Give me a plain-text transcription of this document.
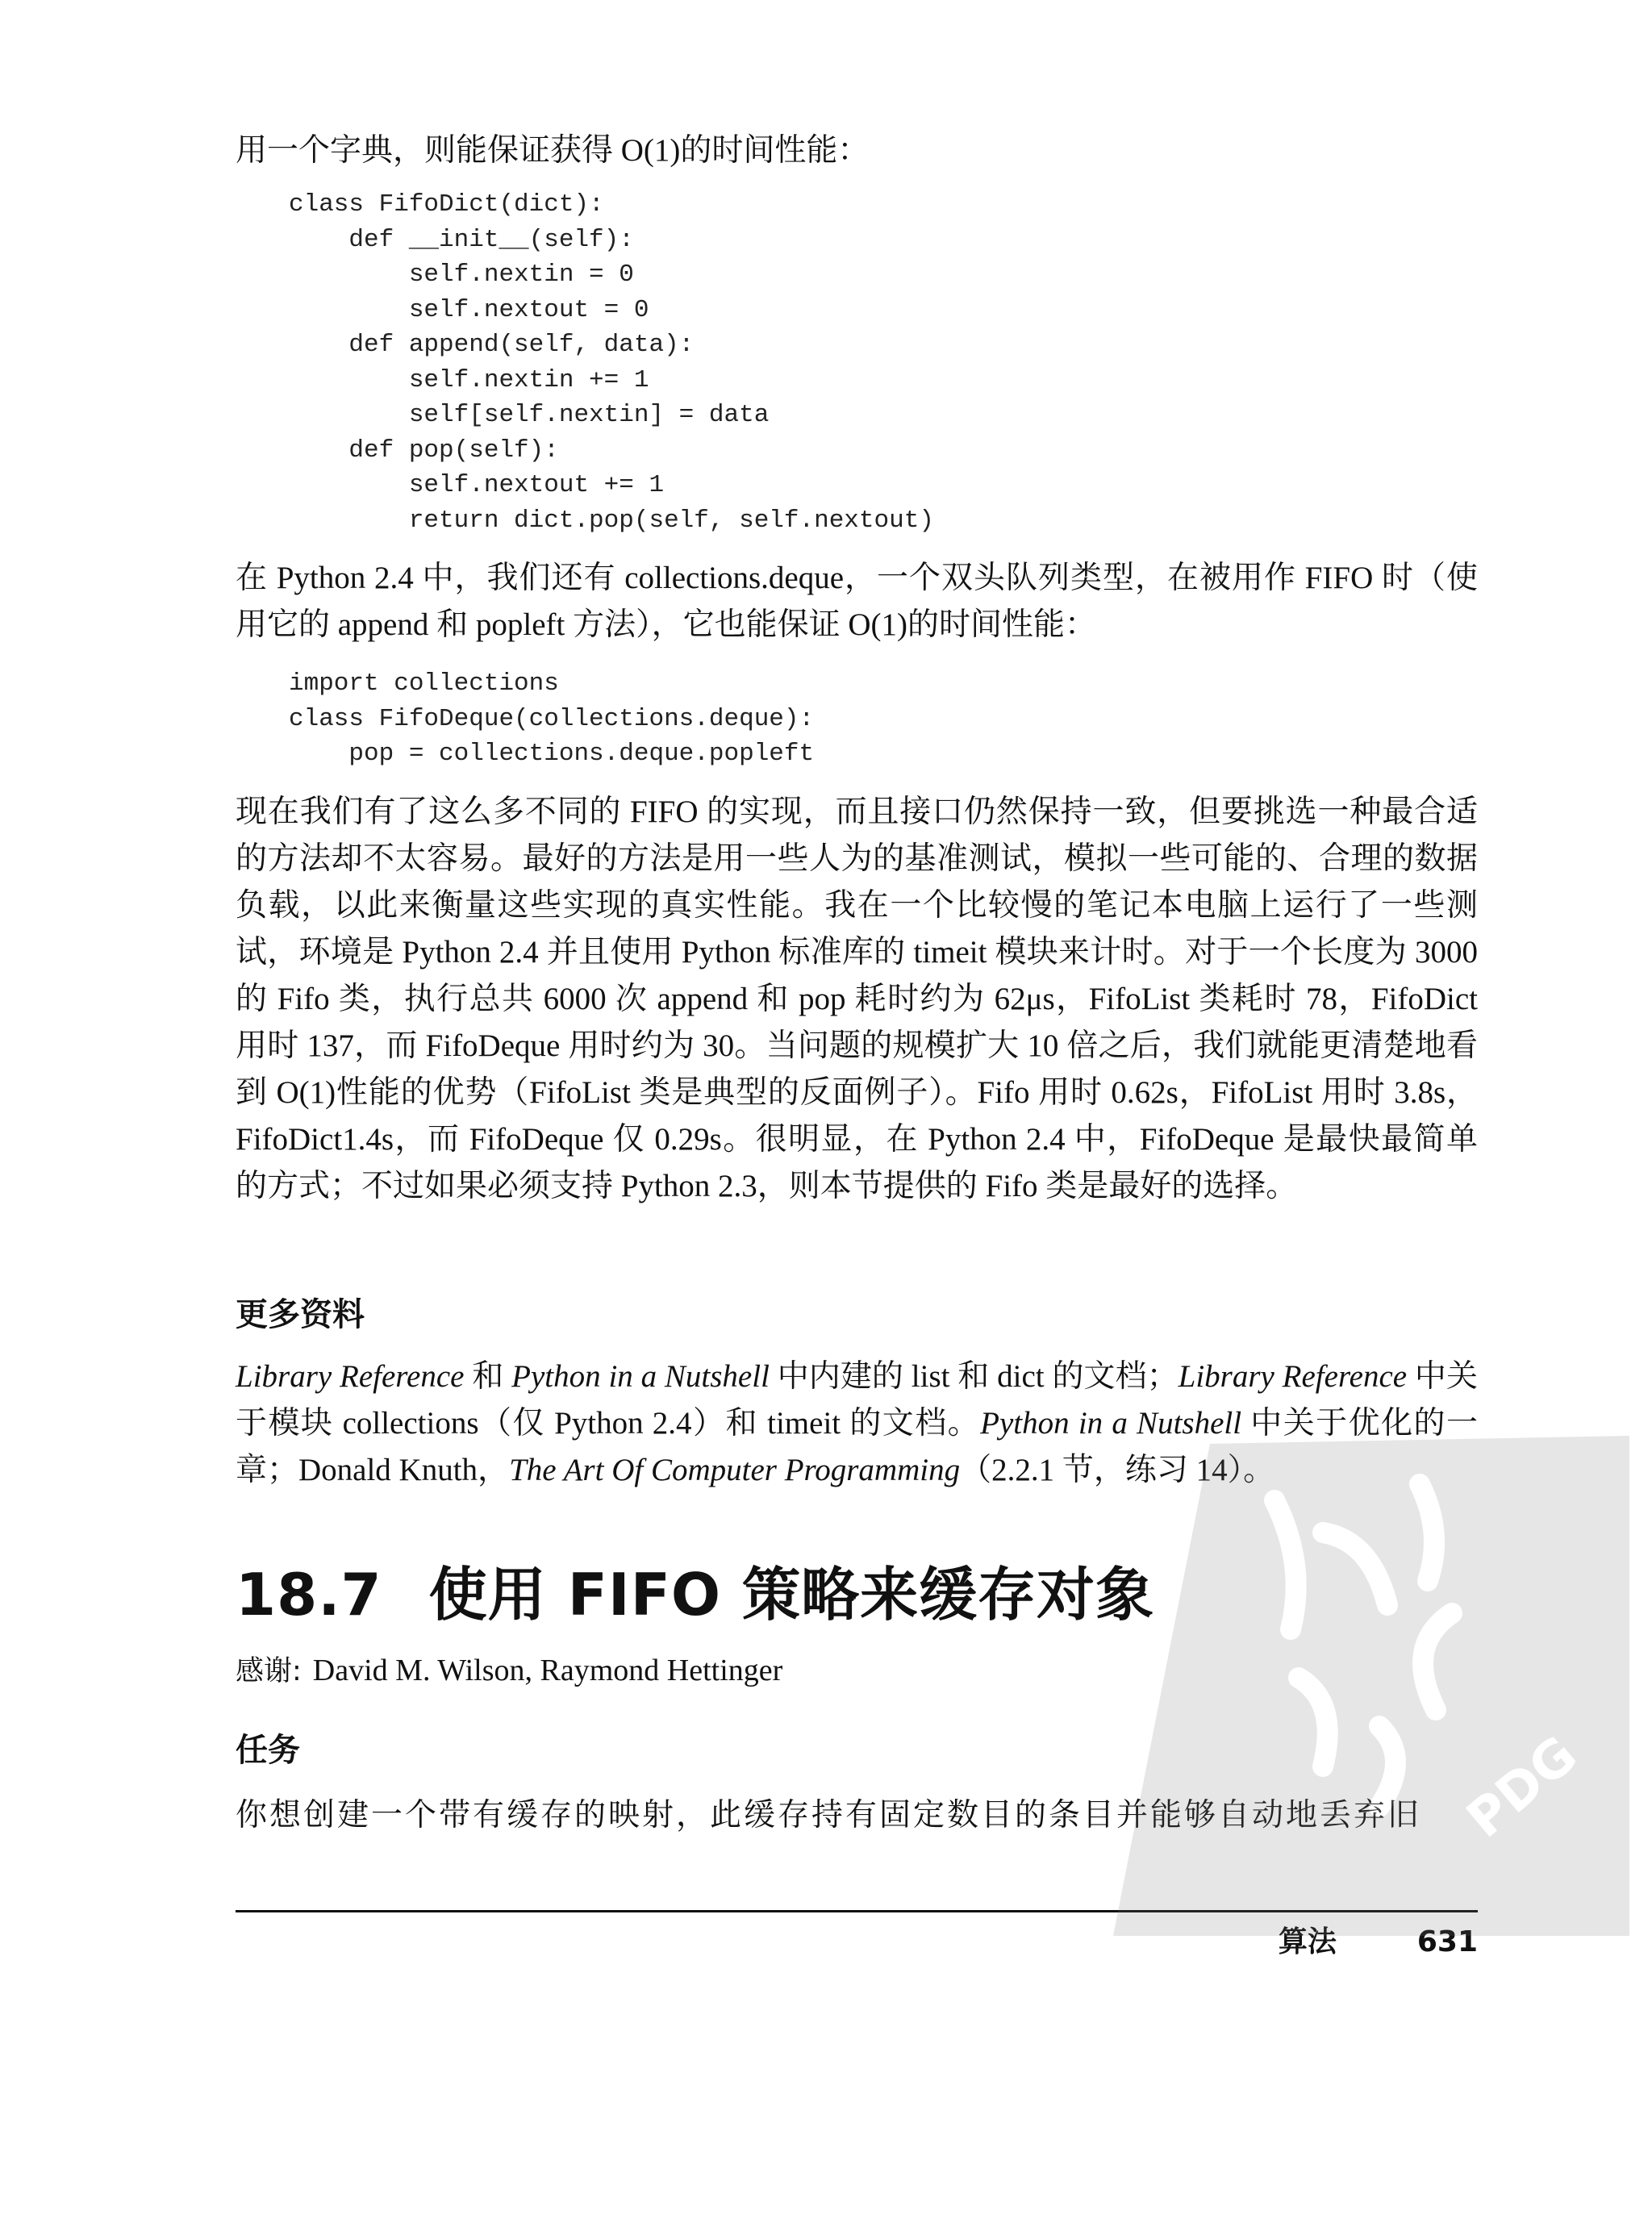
用一个字典，则能保证获得 O(1)的时间性能：

class FifoDict(dict):
def __init__(self):
self.nextin = 0
self.nextout = 0
def append(self, data):
self.nextin += 1
self[self.nextin] = data
def pop(self):
self.nextout += 1
return dict.pop(self, self.nextout)

在 Python 2.4 中，我们还有 collections.deque，一个双头队列类型，在被用作 FIFO 时（使用它的 append 和 popleft 方法），它也能保证 O(1)的时间性能：

import collections
class FifoDeque(collections.deque):
pop = collections.deque.popleft

现在我们有了这么多不同的 FIFO 的实现，而且接口仍然保持一致，但要挑选一种最合适的方法却不太容易。最好的方法是用一些人为的基准测试，模拟一些可能的、合理的数据负载，以此来衡量这些实现的真实性能。我在一个比较慢的笔记本电脑上运行了一些测试，环境是 Python 2.4 并且使用 Python 标准库的 timeit 模块来计时。对于一个长度为 3000 的 Fifo 类，执行总共 6000 次 append 和 pop 耗时约为 62μs，FifoList 类耗时 78，FifoDict 用时 137，而 FifoDeque 用时约为 30。当问题的规模扩大 10 倍之后，我们就能更清楚地看到 O(1)性能的优势（FifoList 类是典型的反面例子）。Fifo 用时 0.62s，FifoList 用时 3.8s，FifoDict1.4s，而 FifoDeque 仅 0.29s。很明显，在 Python 2.4 中，FifoDeque 是最快最简单的方式；不过如果必须支持 Python 2.3，则本节提供的 Fifo 类是最好的选择。

更多资料

Library Reference 和 Python in a Nutshell 中内建的 list 和 dict 的文档；Library Reference 中关于模块 collections（仅 Python 2.4）和 timeit 的文档。Python in a Nutshell 中关于优化的一章；Donald Knuth，The Art Of Computer Programming（2.2.1 节，练习 14）。

18.7 使用 FIFO 策略来缓存对象

感谢: David M. Wilson, Raymond Hettinger

任务

你想创建一个带有缓存的映射，此缓存持有固定数目的条目并能够自动地丢弃旧

算法	631
PDG
